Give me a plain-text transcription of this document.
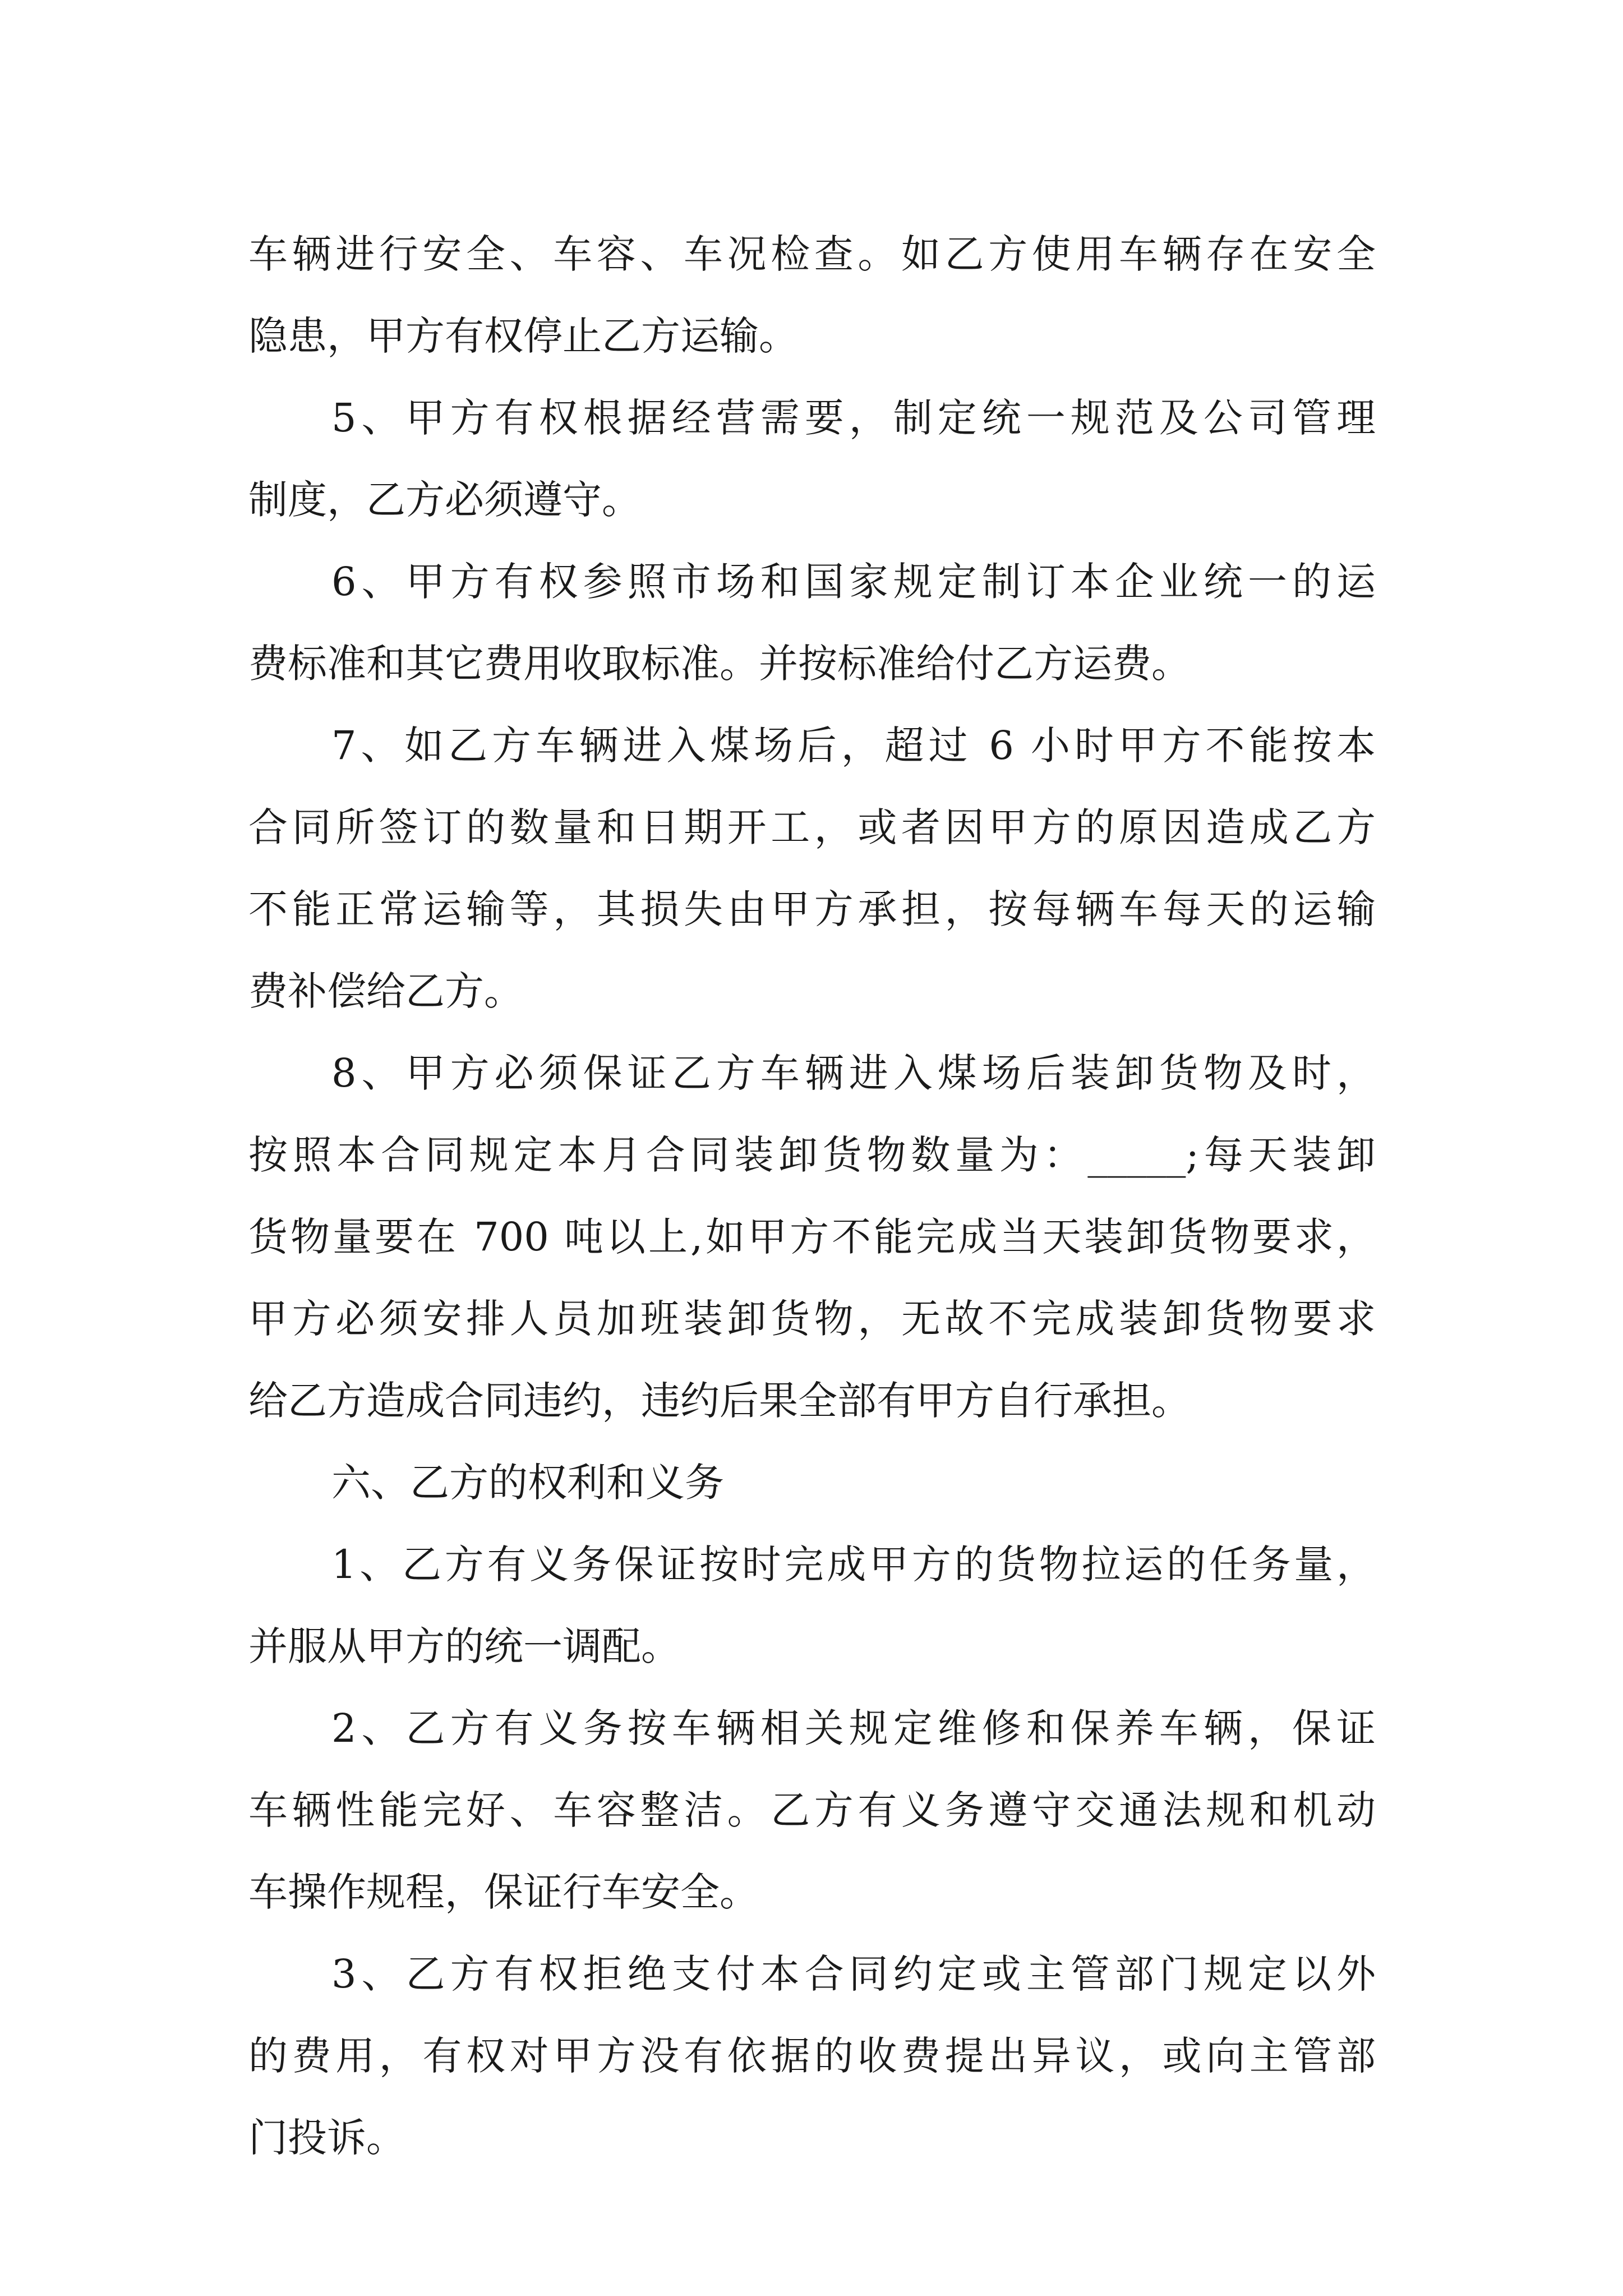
车辆进行安全、车容、车况检查。如乙方使用车辆存在安全
隐患，甲方有权停止乙方运输。
5、甲方有权根据经营需要，制定统一规范及公司管理
制度，乙方必须遵守。
6、甲方有权参照市场和国家规定制订本企业统一的运
费标准和其它费用收取标准。并按标准给付乙方运费。
7、如乙方车辆进入煤场后，超过 6 小时甲方不能按本
合同所签订的数量和日期开工，或者因甲方的原因造成乙方
不能正常运输等，其损失由甲方承担，按每辆车每天的运输
费补偿给乙方。
8、甲方必须保证乙方车辆进入煤场后装卸货物及时，
按照本合同规定本月合同装卸货物数量为：_____;每天装卸
货物量要在 700 吨以上,如甲方不能完成当天装卸货物要求，
甲方必须安排人员加班装卸货物，无故不完成装卸货物要求
给乙方造成合同违约，违约后果全部有甲方自行承担。
六、乙方的权利和义务
1、乙方有义务保证按时完成甲方的货物拉运的任务量，
并服从甲方的统一调配。
2、乙方有义务按车辆相关规定维修和保养车辆，保证
车辆性能完好、车容整洁。乙方有义务遵守交通法规和机动
车操作规程，保证行车安全。
3、乙方有权拒绝支付本合同约定或主管部门规定以外
的费用，有权对甲方没有依据的收费提出异议，或向主管部
门投诉。
